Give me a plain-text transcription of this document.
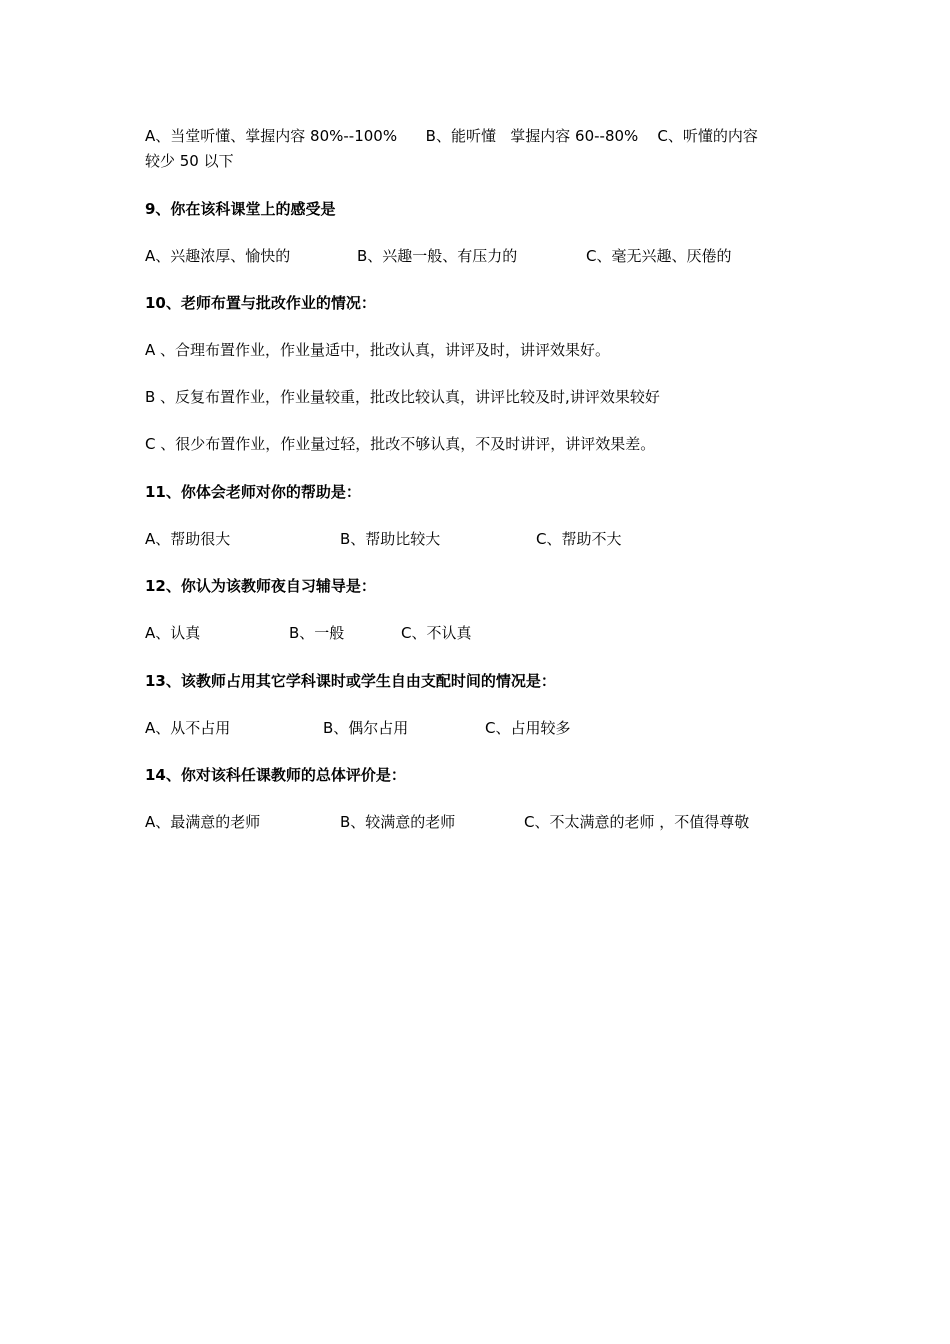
A、当堂听懂、掌握内容 80%--100%      B、能听懂   掌握内容 60--80%    C、听懂的内容
较少 50 以下
9、你在该科课堂上的感受是
A、兴趣浓厚、愉快的	B、兴趣一般、有压力的	C、毫无兴趣、厌倦的
10、老师布置与批改作业的情况：
A 、合理布置作业，作业量适中，批改认真，讲评及时，讲评效果好。
B 、反复布置作业，作业量较重，批改比较认真，讲评比较及时,讲评效果较好
C 、很少布置作业，作业量过轻，批改不够认真，不及时讲评，讲评效果差。
11、你体会老师对你的帮助是：
A、帮助很大	B、帮助比较大	C、帮助不大
12、你认为该教师夜自习辅导是：
A、认真	B、一般	C、不认真
13、该教师占用其它学科课时或学生自由支配时间的情况是：
A、从不占用	B、偶尔占用	C、占用较多
14、你对该科任课教师的总体评价是：
A、最满意的老师	B、较满意的老师	C、不太满意的老师 ，不值得尊敬
